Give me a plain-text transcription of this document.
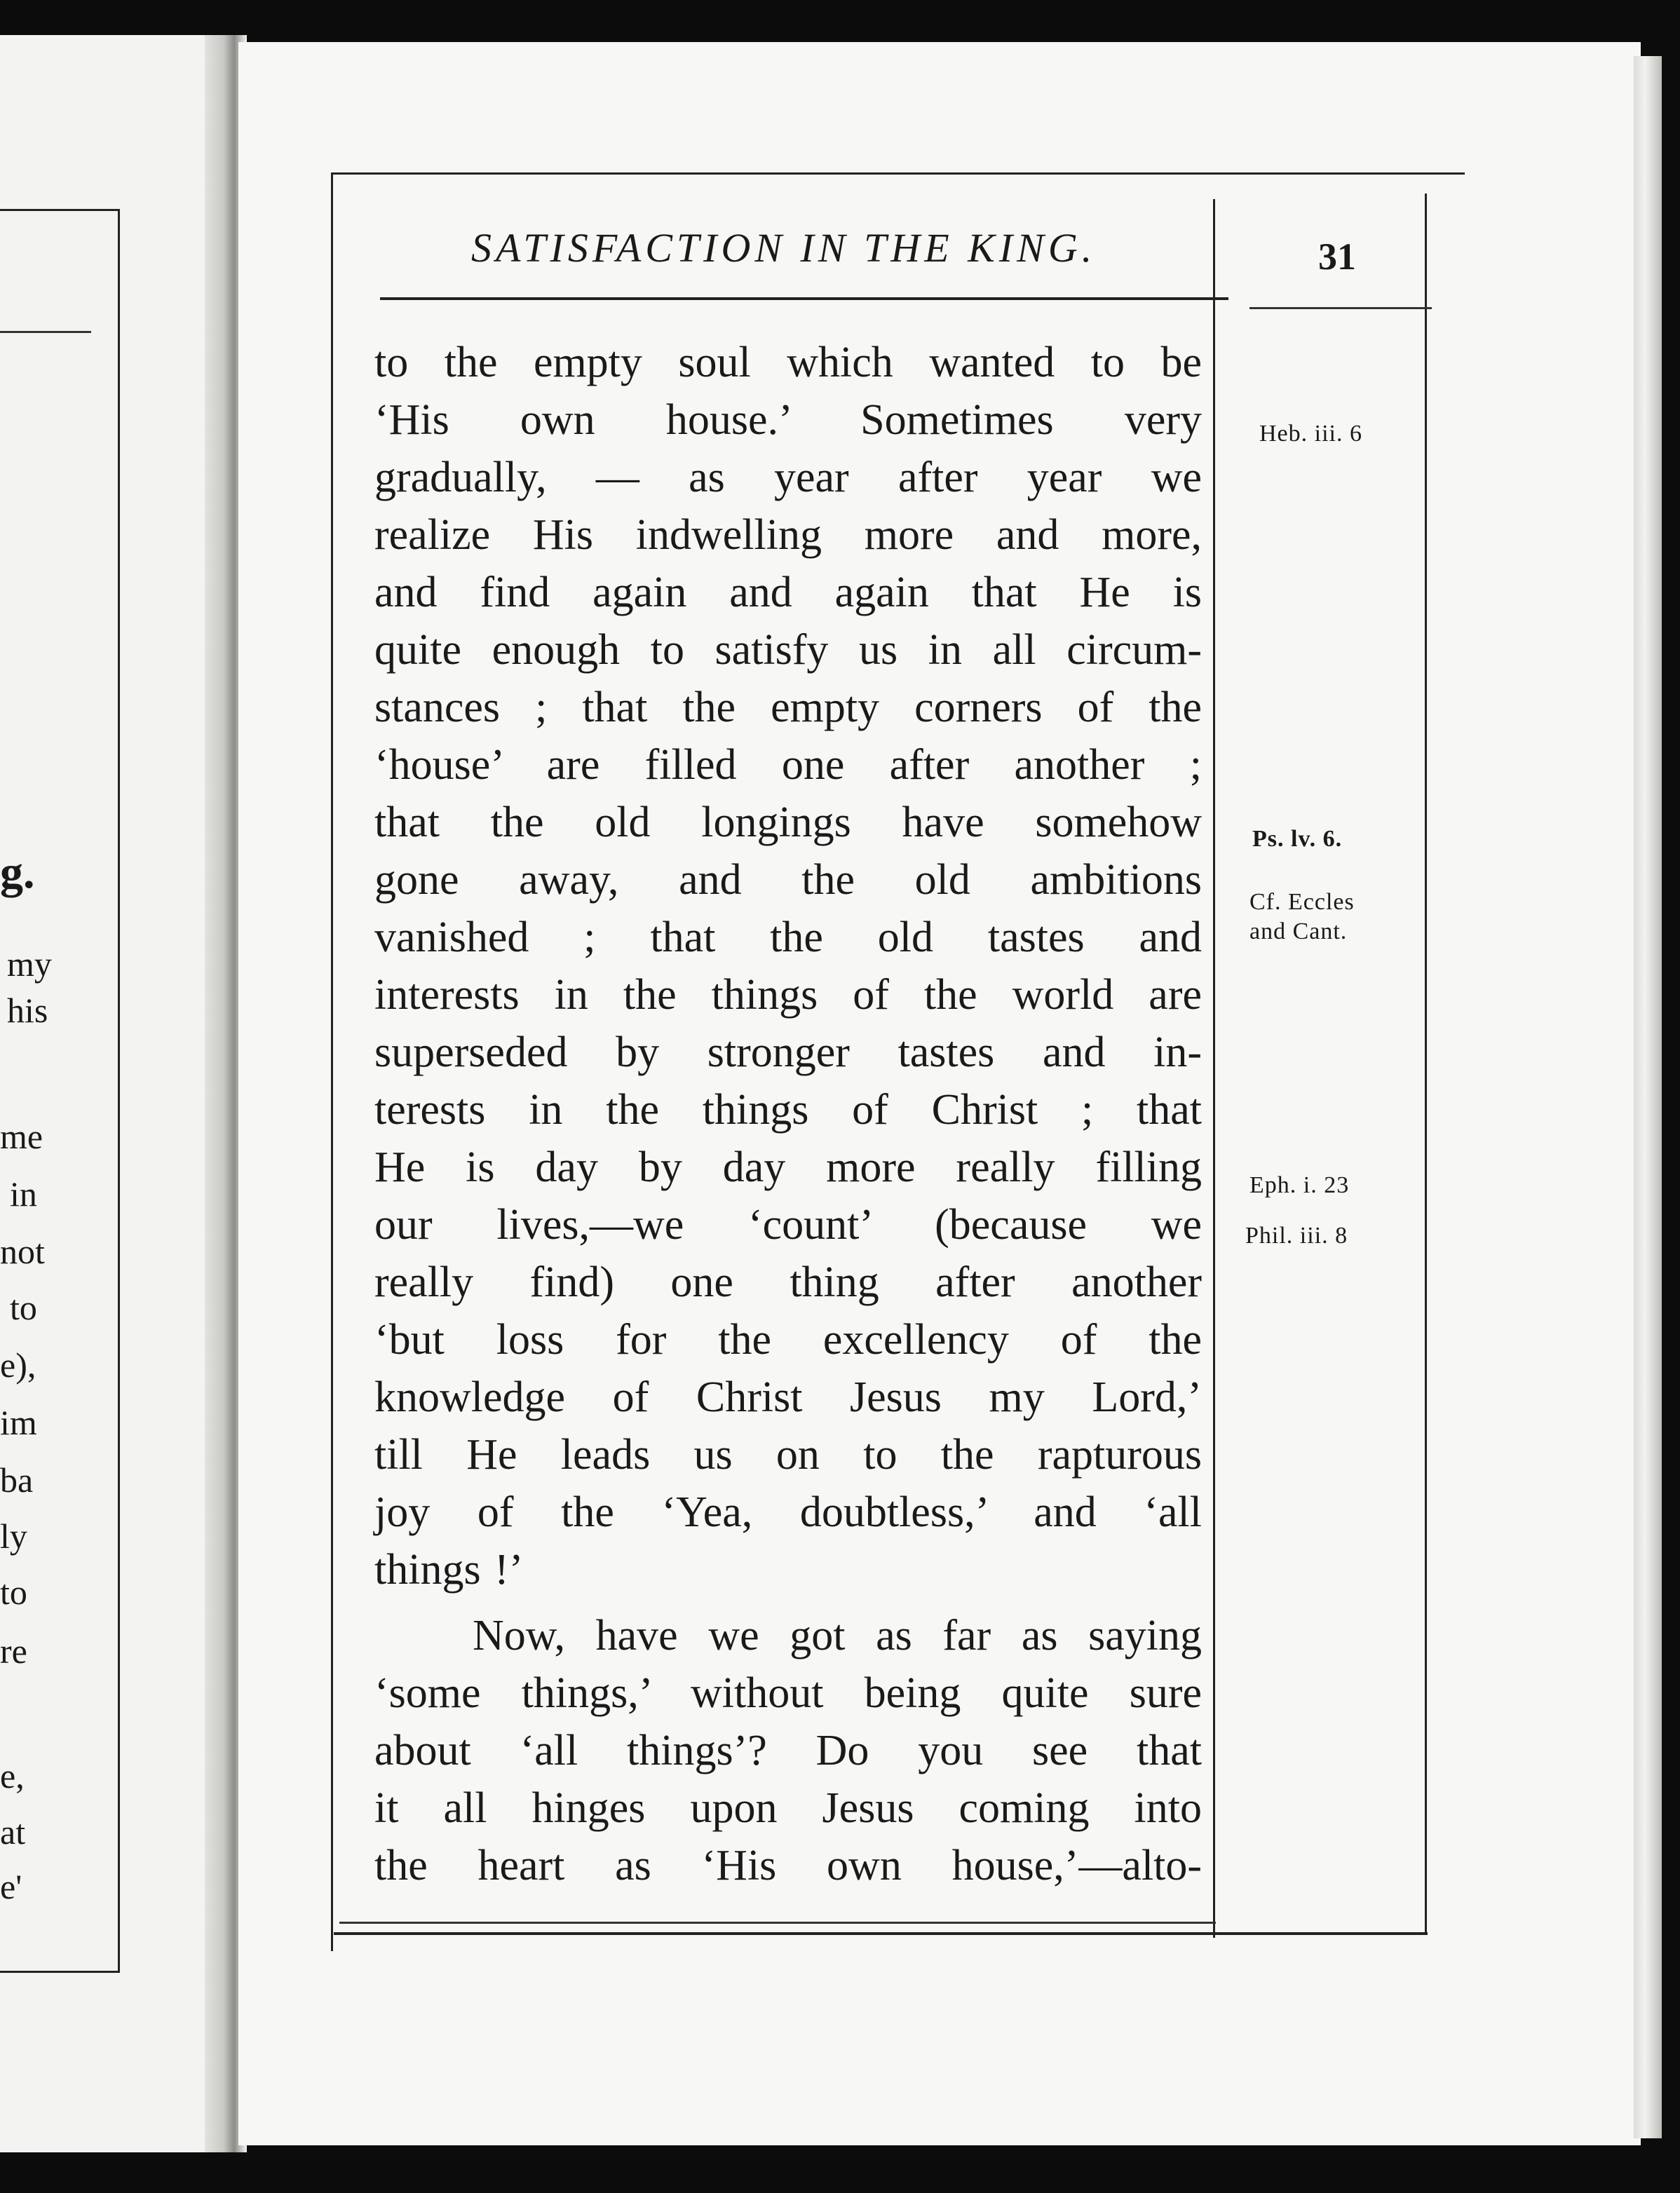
g.
my
his
me
in
not
to
e),
im
ba
ly
to
re
e,
at
e'
SATISFACTION IN THE KING.	31
to the empty soul which wanted to be
‘His own house.’ Sometimes very
gradually, — as year after year we
realize His indwelling more and more,
and find again and again that He is
quite enough to satisfy us in all circum-
stances ; that the empty corners of the
‘house’ are filled one after another ;
that the old longings have somehow
gone away, and the old ambitions
vanished ; that the old tastes and
interests in the things of the world are
superseded by stronger tastes and in-
terests in the things of Christ ; that
He is day by day more really filling
our lives,—we ‘count’ (because we
really find) one thing after another
‘but loss for the excellency of the
knowledge of Christ Jesus my Lord,’
till He leads us on to the rapturous
joy of the ‘Yea, doubtless,’ and ‘all
things !’
Now, have we got as far as saying
‘some things,’ without being quite sure
about ‘all things’? Do you see that
it all hinges upon Jesus coming into
the heart as ‘His own house,’—alto-
Heb. iii. 6
Ps. lv. 6.
Cf. Eccles
and Cant.
Eph. i. 23
Phil. iii. 8
